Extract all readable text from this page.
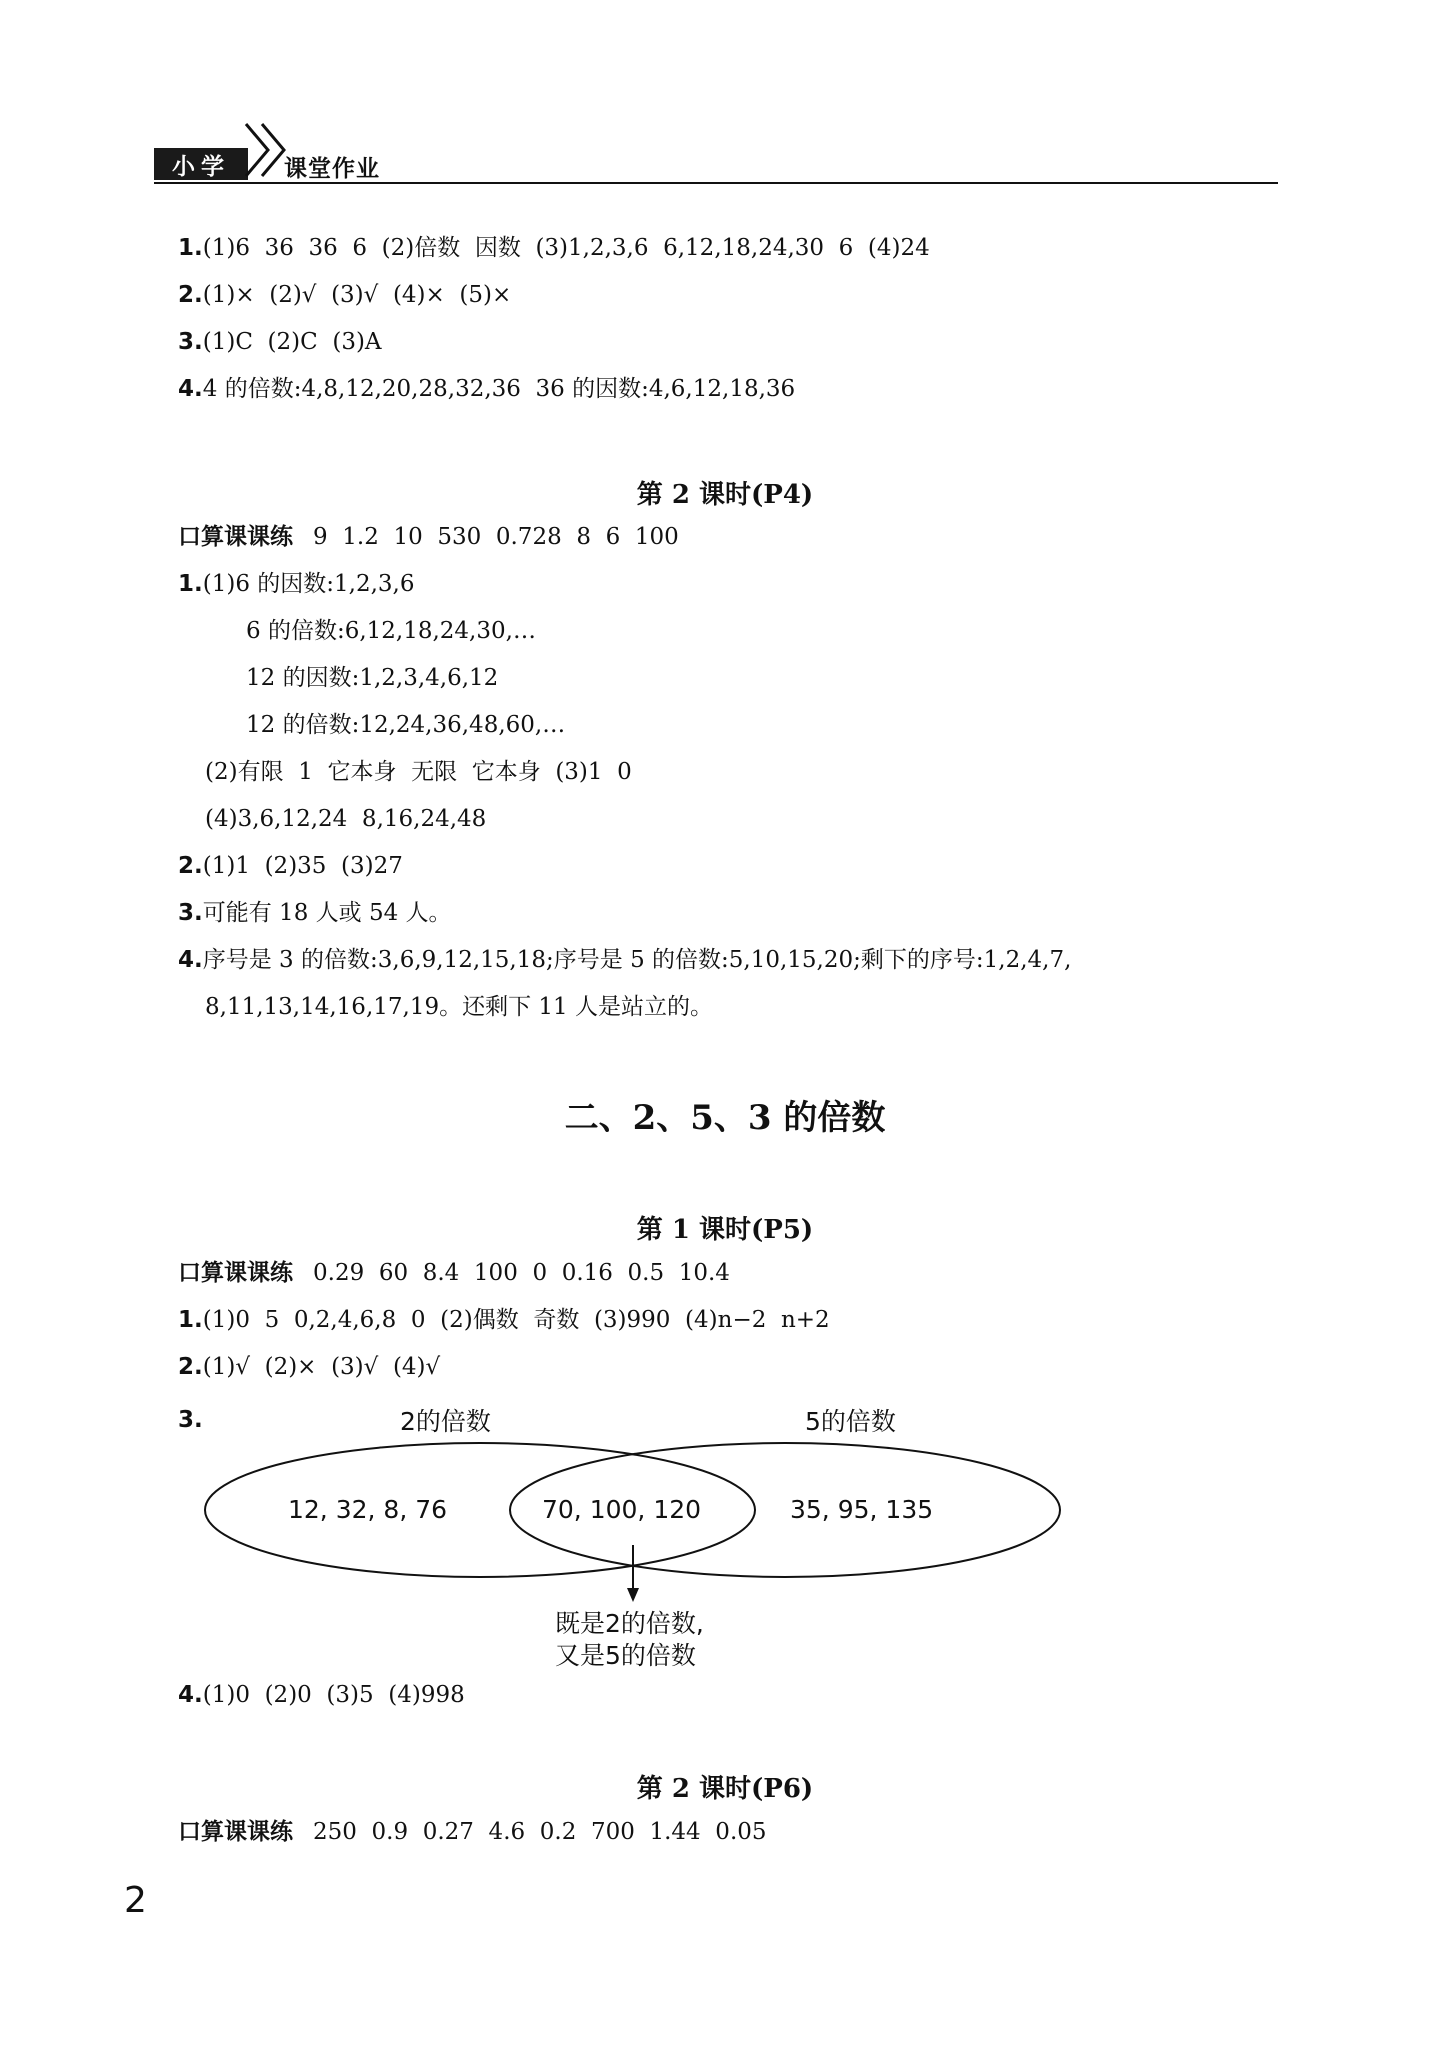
小学	课堂作业
1.(1)6  36  36  6  (2)倍数  因数  (3)1,2,3,6  6,12,18,24,30  6  (4)24
2.(1)×  (2)√  (3)√  (4)×  (5)×
3.(1)C  (2)C  (3)A
4.4 的倍数:4,8,12,20,28,32,36  36 的因数:4,6,12,18,36
第 2 课时(P4)
口算课课练 9  1.2  10  530  0.728  8  6  100
1.(1)6 的因数:1,2,3,6
6 的倍数:6,12,18,24,30,…
12 的因数:1,2,3,4,6,12
12 的倍数:12,24,36,48,60,…
(2)有限  1  它本身  无限  它本身  (3)1  0
(4)3,6,12,24  8,16,24,48
2.(1)1  (2)35  (3)27
3.可能有 18 人或 54 人。
4.序号是 3 的倍数:3,6,9,12,15,18;序号是 5 的倍数:5,10,15,20;剩下的序号:1,2,4,7,
8,11,13,14,16,17,19。还剩下 11 人是站立的。
二、2、5、3 的倍数
第 1 课时(P5)
口算课课练 0.29  60  8.4  100  0  0.16  0.5  10.4
1.(1)0  5  0,2,4,6,8  0  (2)偶数  奇数  (3)990  (4)n−2  n+2
2.(1)√  (2)×  (3)√  (4)√
3.	2的倍数	5的倍数
12, 32, 8, 76	70, 100, 120	35, 95, 135
既是2的倍数,
又是5的倍数
4.(1)0  (2)0  (3)5  (4)998
第 2 课时(P6)
口算课课练 250  0.9  0.27  4.6  0.2  700  1.44  0.05
2
